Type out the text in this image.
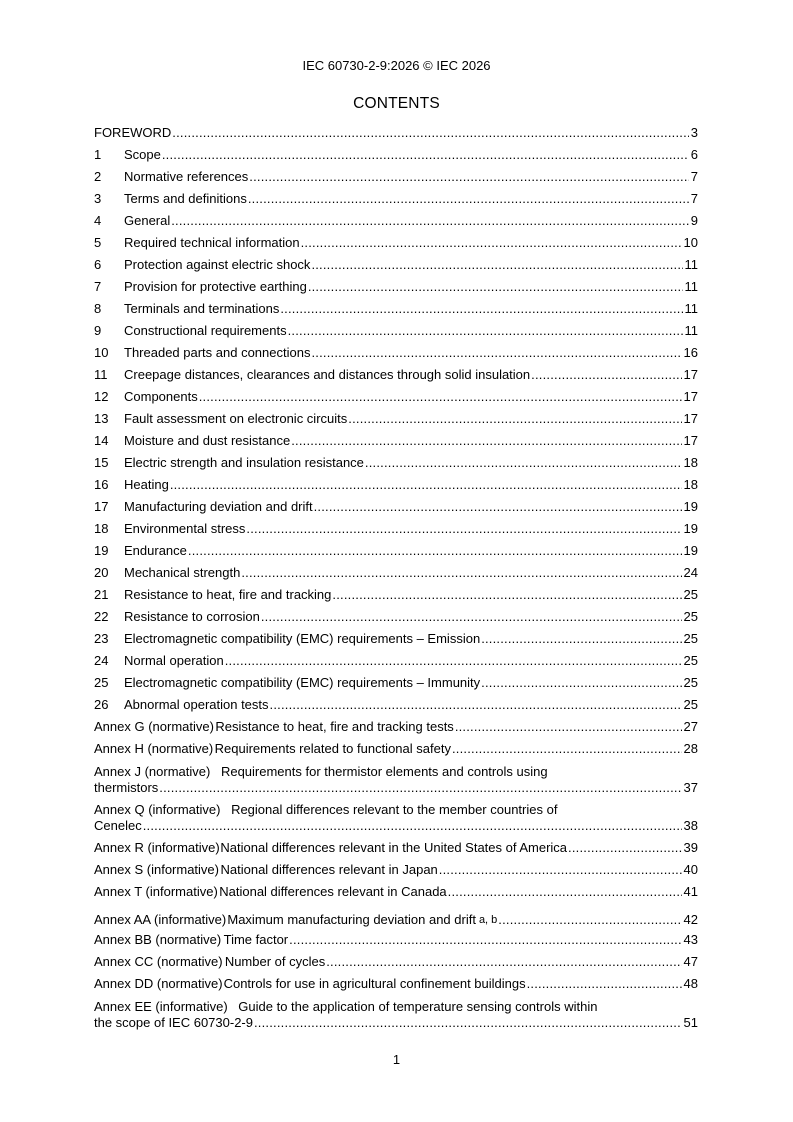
IEC 60730-2-9:2026 © IEC 2026
CONTENTS
FOREWORD .....	3
1	Scope .....	6
2	Normative references .....	7
3	Terms and definitions .....	7
4	General .....	9
5	Required technical information .....	10
6	Protection against electric shock .....	11
7	Provision for protective earthing .....	11
8	Terminals and terminations .....	11
9	Constructional requirements .....	11
10	Threaded parts and connections .....	16
11	Creepage distances, clearances and distances through solid insulation .....	17
12	Components .....	17
13	Fault assessment on electronic circuits .....	17
14	Moisture and dust resistance .....	17
15	Electric strength and insulation resistance .....	18
16	Heating .....	18
17	Manufacturing deviation and drift .....	19
18	Environmental stress .....	19
19	Endurance .....	19
20	Mechanical strength .....	24
21	Resistance to heat, fire and tracking .....	25
22	Resistance to corrosion .....	25
23	Electromagnetic compatibility (EMC) requirements – Emission .....	25
24	Normal operation .....	25
25	Electromagnetic compatibility (EMC) requirements – Immunity .....	25
26	Abnormal operation tests .....	25
Annex G (normative) Resistance to heat, fire and tracking tests .....	27
Annex H (normative) Requirements related to functional safety .....	28
Annex J (normative) Requirements for thermistor elements and controls using
thermistors .....	37
Annex Q (informative) Regional differences relevant to the member countries of
Cenelec .....	38
Annex R (informative) National differences relevant in the United States of America .....	39
Annex S (informative) National differences relevant in Japan .....	40
Annex T (informative) National differences relevant in Canada .....	41
Annex AA (informative) Maximum manufacturing deviation and drift a, b .....	42
Annex BB (normative) Time factor .....	43
Annex CC (normative) Number of cycles .....	47
Annex DD (normative) Controls for use in agricultural confinement buildings .....	48
Annex EE (informative) Guide to the application of temperature sensing controls within
the scope of IEC 60730-2-9 .....	51
1
